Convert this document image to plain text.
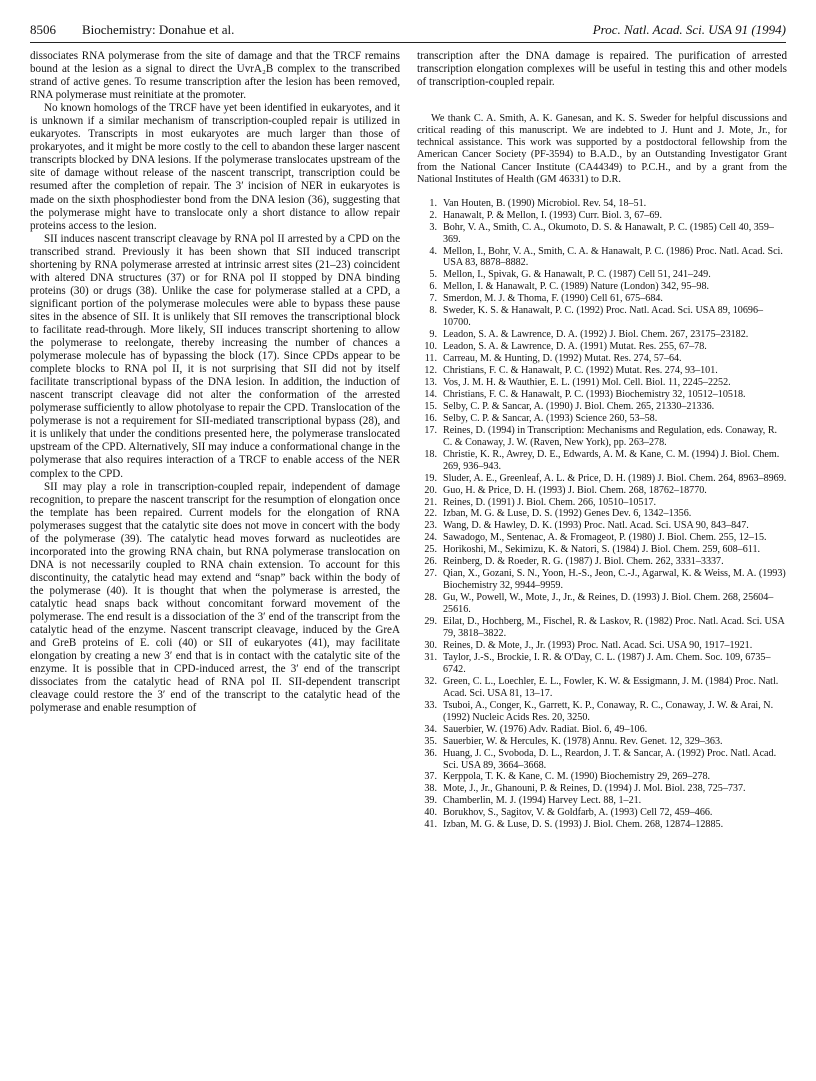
8506 Biochemistry: Donahue et al.	Proc. Natl. Acad. Sci. USA 91 (1994)

dissociates RNA polymerase from the site of damage and that the TRCF remains bound at the lesion as a signal to direct the UvrA₂B complex to the transcribed strand of active genes. To resume transcription after the lesion has been removed, RNA polymerase must reinitiate at the promoter.

No known homologs of the TRCF have yet been identified in eukaryotes, and it is unknown if a similar mechanism of transcription-coupled repair is utilized in eukaryotes. Transcripts in most eukaryotes are much larger than those of prokaryotes, and it might be more costly to the cell to abandon these larger nascent transcripts blocked by DNA lesions. If the polymerase translocates upstream of the site of damage without release of the nascent transcript, transcription could be resumed after the completion of repair. The 3′ incision of NER in eukaryotes is made on the sixth phosphodiester bond from the DNA lesion (36), suggesting that the polymerase might have to translocate only a short distance to allow repair proteins access to the lesion.

SII induces nascent transcript cleavage by RNA pol II arrested by a CPD on the transcribed strand. Previously it has been shown that SII induced transcript shortening by RNA polymerase arrested at intrinsic arrest sites (21–23) coincident with altered DNA structures (37) or for RNA pol II stopped by DNA binding proteins (30) or drugs (38). Unlike the case for polymerase stalled at a CPD, a significant portion of the polymerase molecules were able to bypass these pause sites in the absence of SII. It is unlikely that SII removes the transcriptional block to facilitate read-through. More likely, SII induces transcript shortening to allow the polymerase to reelongate, thereby increasing the number of chances a polymerase molecule has of bypassing the block (17). Since CPDs appear to be complete blocks to RNA pol II, it is not surprising that SII did not by itself facilitate transcriptional bypass of the DNA lesion. In addition, the induction of nascent transcript cleavage did not alter the conformation of the arrested polymerase sufficiently to allow photolyase to repair the CPD. Translocation of the polymerase is not a requirement for SII-mediated transcriptional bypass (28), and it is unlikely that under the conditions presented here, the polymerase translocated upstream of the CPD. Alternatively, SII may induce a conformational change in the polymerase that also requires interaction of a TRCF to enable access of the NER complex to the CPD.

SII may play a role in transcription-coupled repair, independent of damage recognition, to prepare the nascent transcript for the resumption of elongation once the template has been repaired. Current models for the elongation of RNA polymerases suggest that the catalytic site does not move in concert with the body of the polymerase (39). The catalytic head moves forward as nucleotides are incorporated into the growing RNA chain, but RNA polymerase translocation on DNA is not necessarily coupled to RNA chain extension. To account for this discontinuity, the catalytic head may extend and “snap” back within the body of the polymerase (40). It is thought that when the polymerase is arrested, the catalytic head snaps back without concomitant forward movement of the polymerase. The end result is a dissociation of the 3′ end of the transcript from the catalytic head of the enzyme. Nascent transcript cleavage, induced by the GreA and GreB proteins of E. coli (40) or SII of eukaryotes (41), may facilitate elongation by creating a new 3′ end that is in contact with the catalytic site of the enzyme. It is possible that in CPD-induced arrest, the 3′ end of the transcript dissociates from the catalytic head of RNA pol II. SII-dependent transcript cleavage could restore the 3′ end of the transcript to the catalytic head of the polymerase and enable resumption of

transcription after the DNA damage is repaired. The purification of arrested transcription elongation complexes will be useful in testing this and other models of transcription-coupled repair.

We thank C. A. Smith, A. K. Ganesan, and K. S. Sweder for helpful discussions and critical reading of this manuscript. We are indebted to J. Hunt and J. Mote, Jr., for technical assistance. This work was supported by a postdoctoral fellowship from the American Cancer Society (PF-3594) to B.A.D., by an Outstanding Investigator Grant from the National Cancer Institute (CA44349) to P.C.H., and by a grant from the National Institutes of Health (GM 46331) to D.R.

1. Van Houten, B. (1990) Microbiol. Rev. 54, 18–51.
2. Hanawalt, P. & Mellon, I. (1993) Curr. Biol. 3, 67–69.
3. Bohr, V. A., Smith, C. A., Okumoto, D. S. & Hanawalt, P. C. (1985) Cell 40, 359–369.
4. Mellon, I., Bohr, V. A., Smith, C. A. & Hanawalt, P. C. (1986) Proc. Natl. Acad. Sci. USA 83, 8878–8882.
5. Mellon, I., Spivak, G. & Hanawalt, P. C. (1987) Cell 51, 241–249.
6. Mellon, I. & Hanawalt, P. C. (1989) Nature (London) 342, 95–98.
7. Smerdon, M. J. & Thoma, F. (1990) Cell 61, 675–684.
8. Sweder, K. S. & Hanawalt, P. C. (1992) Proc. Natl. Acad. Sci. USA 89, 10696–10700.
9. Leadon, S. A. & Lawrence, D. A. (1992) J. Biol. Chem. 267, 23175–23182.
10. Leadon, S. A. & Lawrence, D. A. (1991) Mutat. Res. 255, 67–78.
11. Carreau, M. & Hunting, D. (1992) Mutat. Res. 274, 57–64.
12. Christians, F. C. & Hanawalt, P. C. (1992) Mutat. Res. 274, 93–101.
13. Vos, J. M. H. & Wauthier, E. L. (1991) Mol. Cell. Biol. 11, 2245–2252.
14. Christians, F. C. & Hanawalt, P. C. (1993) Biochemistry 32, 10512–10518.
15. Selby, C. P. & Sancar, A. (1990) J. Biol. Chem. 265, 21330–21336.
16. Selby, C. P. & Sancar, A. (1993) Science 260, 53–58.
17. Reines, D. (1994) in Transcription: Mechanisms and Regulation, eds. Conaway, R. C. & Conaway, J. W. (Raven, New York), pp. 263–278.
18. Christie, K. R., Awrey, D. E., Edwards, A. M. & Kane, C. M. (1994) J. Biol. Chem. 269, 936–943.
19. Sluder, A. E., Greenleaf, A. L. & Price, D. H. (1989) J. Biol. Chem. 264, 8963–8969.
20. Guo, H. & Price, D. H. (1993) J. Biol. Chem. 268, 18762–18770.
21. Reines, D. (1991) J. Biol. Chem. 266, 10510–10517.
22. Izban, M. G. & Luse, D. S. (1992) Genes Dev. 6, 1342–1356.
23. Wang, D. & Hawley, D. K. (1993) Proc. Natl. Acad. Sci. USA 90, 843–847.
24. Sawadogo, M., Sentenac, A. & Fromageot, P. (1980) J. Biol. Chem. 255, 12–15.
25. Horikoshi, M., Sekimizu, K. & Natori, S. (1984) J. Biol. Chem. 259, 608–611.
26. Reinberg, D. & Roeder, R. G. (1987) J. Biol. Chem. 262, 3331–3337.
27. Qian, X., Gozani, S. N., Yoon, H.-S., Jeon, C.-J., Agarwal, K. & Weiss, M. A. (1993) Biochemistry 32, 9944–9959.
28. Gu, W., Powell, W., Mote, J., Jr., & Reines, D. (1993) J. Biol. Chem. 268, 25604–25616.
29. Eilat, D., Hochberg, M., Fischel, R. & Laskov, R. (1982) Proc. Natl. Acad. Sci. USA 79, 3818–3822.
30. Reines, D. & Mote, J., Jr. (1993) Proc. Natl. Acad. Sci. USA 90, 1917–1921.
31. Taylor, J.-S., Brockie, I. R. & O'Day, C. L. (1987) J. Am. Chem. Soc. 109, 6735–6742.
32. Green, C. L., Loechler, E. L., Fowler, K. W. & Essigmann, J. M. (1984) Proc. Natl. Acad. Sci. USA 81, 13–17.
33. Tsuboi, A., Conger, K., Garrett, K. P., Conaway, R. C., Conaway, J. W. & Arai, N. (1992) Nucleic Acids Res. 20, 3250.
34. Sauerbier, W. (1976) Adv. Radiat. Biol. 6, 49–106.
35. Sauerbier, W. & Hercules, K. (1978) Annu. Rev. Genet. 12, 329–363.
36. Huang, J. C., Svoboda, D. L., Reardon, J. T. & Sancar, A. (1992) Proc. Natl. Acad. Sci. USA 89, 3664–3668.
37. Kerppola, T. K. & Kane, C. M. (1990) Biochemistry 29, 269–278.
38. Mote, J., Jr., Ghanouni, P. & Reines, D. (1994) J. Mol. Biol. 238, 725–737.
39. Chamberlin, M. J. (1994) Harvey Lect. 88, 1–21.
40. Borukhov, S., Sagitov, V. & Goldfarb, A. (1993) Cell 72, 459–466.
41. Izban, M. G. & Luse, D. S. (1993) J. Biol. Chem. 268, 12874–12885.
